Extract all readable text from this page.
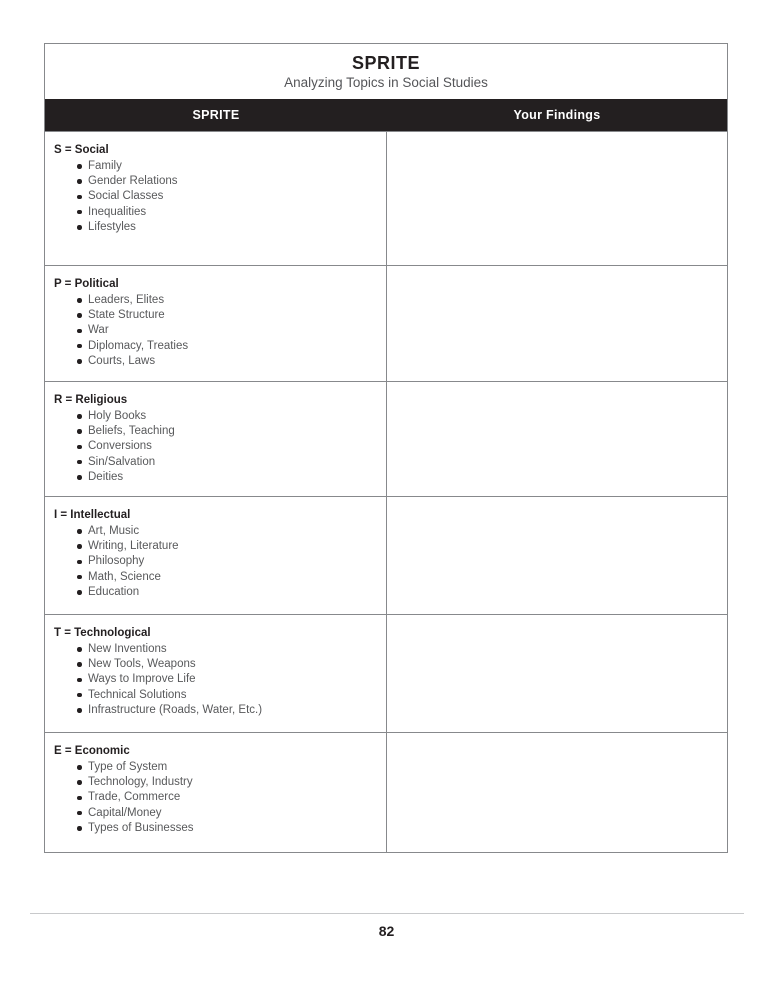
SPRITE
Analyzing Topics in Social Studies
SPRITE	Your Findings
S = Social
Family
Gender Relations
Social Classes
Inequalities
Lifestyles
P = Political
Leaders, Elites
State Structure
War
Diplomacy, Treaties
Courts, Laws
R = Religious
Holy Books
Beliefs, Teaching
Conversions
Sin/Salvation
Deities
I = Intellectual
Art, Music
Writing, Literature
Philosophy
Math, Science
Education
T = Technological
New Inventions
New Tools, Weapons
Ways to Improve Life
Technical Solutions
Infrastructure (Roads, Water, Etc.)
E = Economic
Type of System
Technology, Industry
Trade, Commerce
Capital/Money
Types of Businesses
82
